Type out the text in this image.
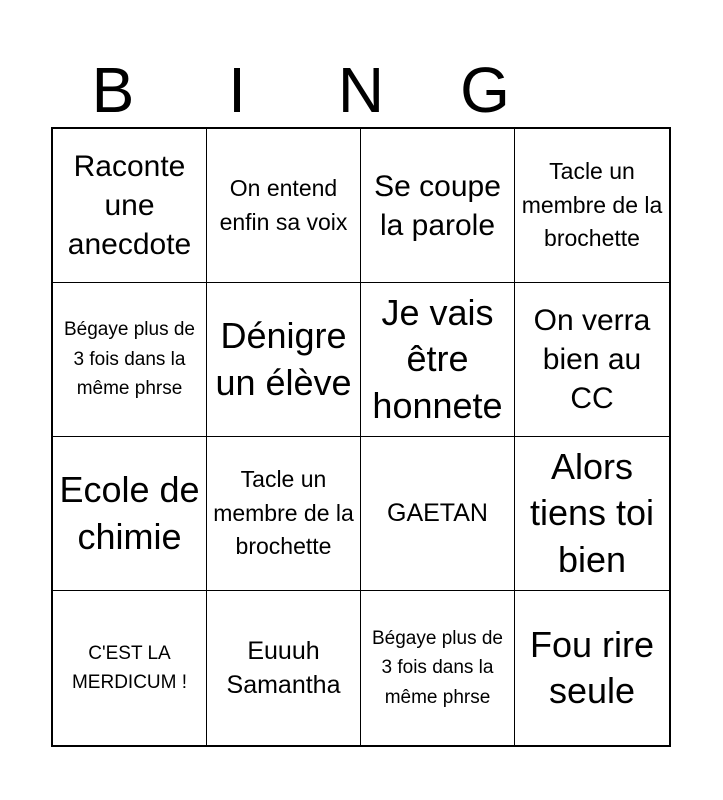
B	I	N	G
Raconte une anecdote
On entend enfin sa voix
Se coupe la parole
Tacle un membre de la brochette
Bégaye plus de 3 fois dans la même phrse
Dénigre un élève
Je vais être honnete
On verra bien au CC
Ecole de chimie
Tacle un membre de la brochette
GAETAN
Alors tiens toi bien
C'EST LA MERDICUM !
Euuuh Samantha
Bégaye plus de 3 fois dans la même phrse
Fou rire seule
